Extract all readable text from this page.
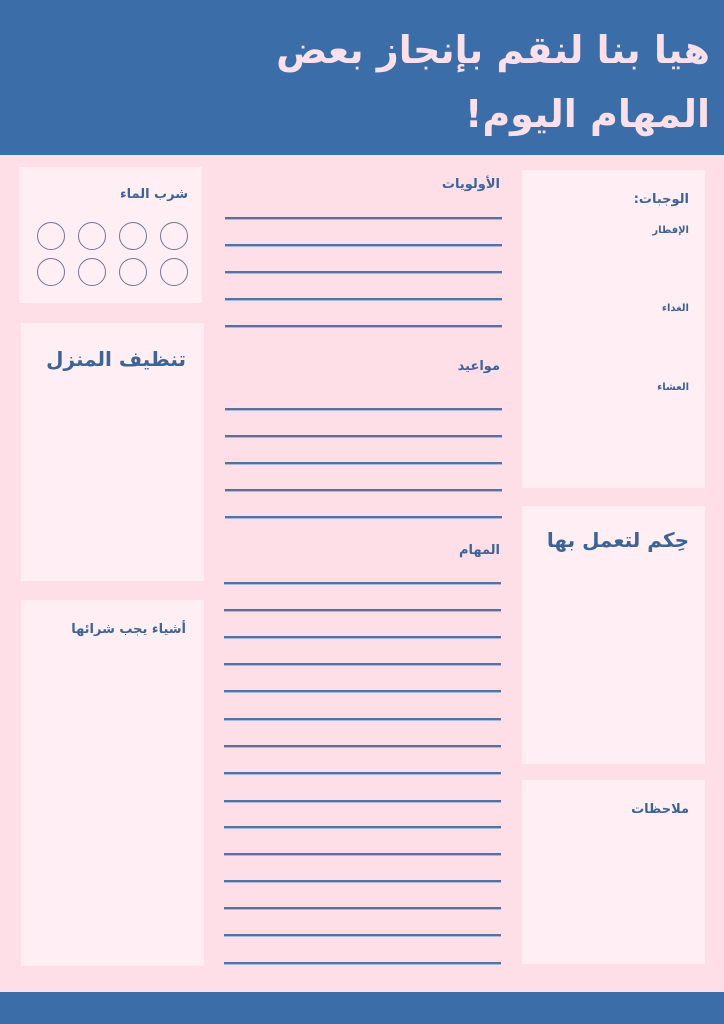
هيا بنا لنقم بإنجاز بعض المهام اليوم!
شرب الماء
تنظيف المنزل
أشياء يجب شرائها
الأولويات
مواعيد
المهام
الوجبات:
الإفطار
الغداء
العشاء
حِكم لتعمل بها
ملاحظات
